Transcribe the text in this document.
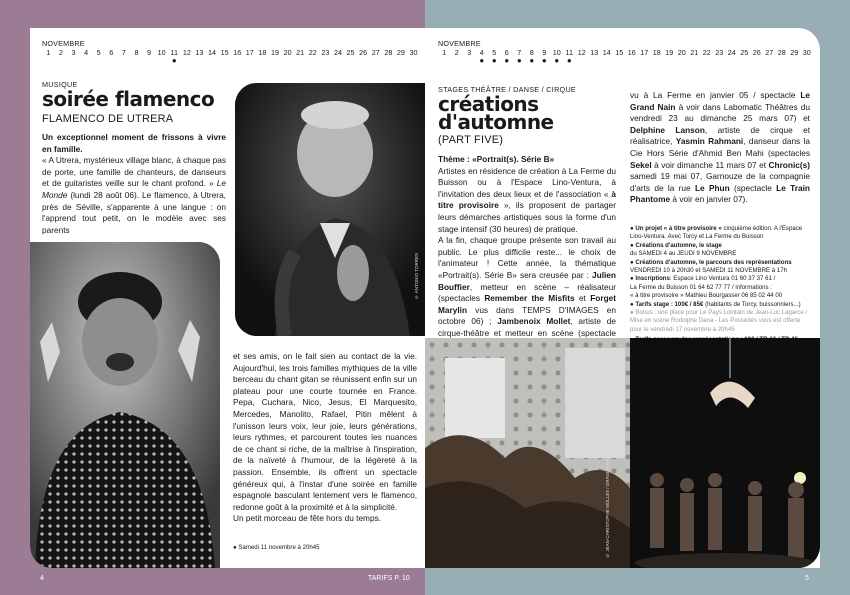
NOVEMBRE
1	2	3	4	5	6	7	8	9 10 11 12 13 14 15 16 17 18 19 20 21 22 23 24 25 26 27 28 29 30
●
MUSIQUE
soirée flamenco
FLAMENCO DE UTRERA
Un exceptionnel moment de frissons à vivre en famille.
« A Utrera, mystérieux village blanc, à chaque pas de porte, une famille de chanteurs, de danseurs et de guitaristes veille sur le chant profond. » Le Monde (lundi 28 août 06). Le flamenco, à Utrera, près de Séville, s'apparente à une langue : on l'apprend tout petit, on le modèle avec ses parents
© ANTONIO TORRES
et ses amis, on le fait sien au contact de la vie. Aujourd'hui, les trois familles mythiques de la ville berceau du chant gitan se réunissent enfin sur un plateau pour une courte tournée en France. Pepa, Cuchara, Nico, Jesus, El Marquesito, Mercedes, Manolito, Rafael, Pitin mêlent à l'unisson leurs voix, leur joie, leurs générations, leurs rythmes, et parcourent toutes les nuances de ce chant si riche, de la maîtrise à l'inspiration, de la naïveté à l'humour, de la légèreté à la passion. Ensemble, ils offrent un spectacle généreux qui, à l'instar d'une soirée en famille espagnole basculant lentement vers le flamenco, redonne goût à la proximité et à la simplicité.
Un petit morceau de fête hors du temps.
● Samedi 11 novembre à 20h45
4	TARIFS P. 10
NOVEMBRE
1	2	3	4	5	6	7	8	9 10 11 12 13 14 15 16 17 18 19 20 21 22 23 24 25 26 27 28 29 30
● ● ● ● ● ● ● ●
STAGES THÉÂTRE / DANSE / CIRQUE
créations
d'automne
(PART FIVE)
Thème : «Portrait(s). Série B»
Artistes en résidence de création à La Ferme du Buisson ou à l'Espace Lino-Ventura, à l'invitation des deux lieux et de l'association « à titre provisoire », ils proposent de partager leurs démarches artistiques sous la forme d'un stage intensif (30 heures) de pratique.
A la fin, chaque groupe présente son travail au public. Le plus difficile reste... le choix de l'animateur ! Cette année, la thématique «Portrait(s). Série B» sera creusée par : Julien Bouffier, metteur en scène – réalisateur (spectacles Remember the Misfits et Forget Marylin vus dans TEMPS D'IMAGES en octobre 06) ; Jambenoix Mollet, artiste de cirque-théâtre et metteur en scène (spectacle
vu à La Ferme en janvier 05 / spectacle Le Grand Nain à voir dans Labomatic Théâtres du vendredi 23 au dimanche 25 mars 07) et Delphine Lanson, artiste de cirque et réalisatrice, Yasmin Rahmani, danseur dans la Cie Hors Série d'Ahmid Ben Mahi (spectacles Sekel à voir dimanche 11 mars 07 et Chronic(s) samedi 19 mai 07, Garnouze de la compagnie d'arts de la rue Le Phun (spectacle Le Train Phantome à voir en janvier 07).
● Un projet « à titre provisoire » cinquième édition. A l'Espace Lino-Ventura. Avec Torcy et La Ferme du Buisson
● Créations d'automne, le stage
du SAMEDI 4 au JEUDI 9 NOVEMBRE
● Créations d'automne, le parcours des représentations
VENDREDI 10 à 20h30 et SAMEDI 11 NOVEMBRE à 17h
● Inscriptions: Espace Lino Ventura 01 60 37 37 61 /
La Ferme du Buisson 01 64 62 77 77 / informations :
« à titre provisoire » Mathieu Bourgasser 06 85 02 44 00
● Tarifs stage : 100€ / 85€ (habitants de Torcy, buissonniers...)
● Bonus : une place pour Le Pays Lointain de Jean-Luc Lagarce / Mise en scène Rodolphe Dana - Les Possédés vous est offerte pour le vendredi 17 novembre à 20h45
© JEAN-CHRISTOPHE MOLLET / GRAND NAIN
5
